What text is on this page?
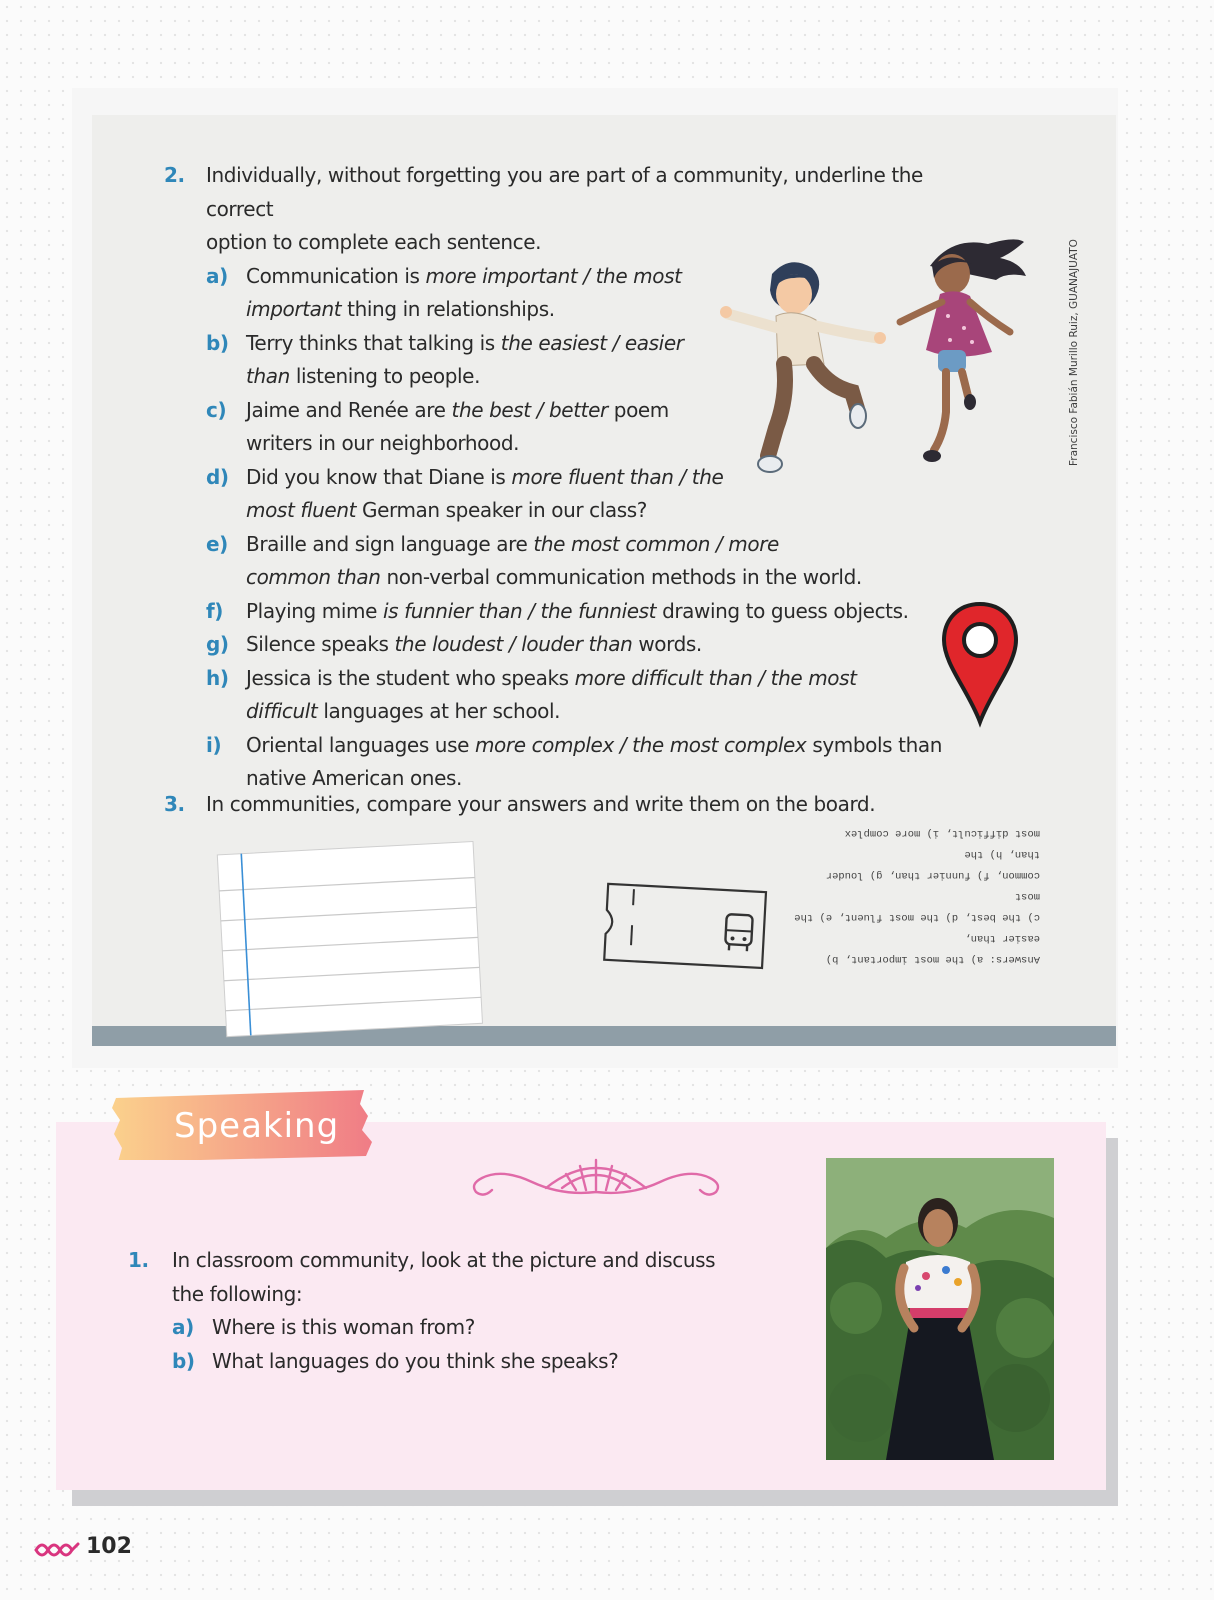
2. Individually, without forgetting you are part of a community, underline the correct

option to complete each sentence.

a) Communication is more important / the most
important thing in relationships.
b) Terry thinks that talking is the easiest / easier
than listening to people.
c) Jaime and Renée are the best / better poem
writers in our neighborhood.
d) Did you know that Diane is more fluent than / the
most fluent German speaker in our class?
e) Braille and sign language are the most common / more
common than non-verbal communication methods in the world.
f) Playing mime is funnier than / the funniest drawing to guess objects.
g) Silence speaks the loudest / louder than words.
h) Jessica is the student who speaks more difficult than / the most
difficult languages at her school.
i) Oriental languages use more complex / the most complex symbols than
native American ones.
Francisco Fabián Murillo Ruiz, GUANAJUATO
3. In communities, compare your answers and write them on the board.

Answers: a) the most important, b) easier than,

c) the best, d) the most fluent, e) the most

common, f) funnier than, g) louder than, h) the

most difficult, i) more complex

Speaking
1. In classroom community, look at the picture and discuss

the following:

a) Where is this woman from?
b) What languages do you think she speaks?
102
